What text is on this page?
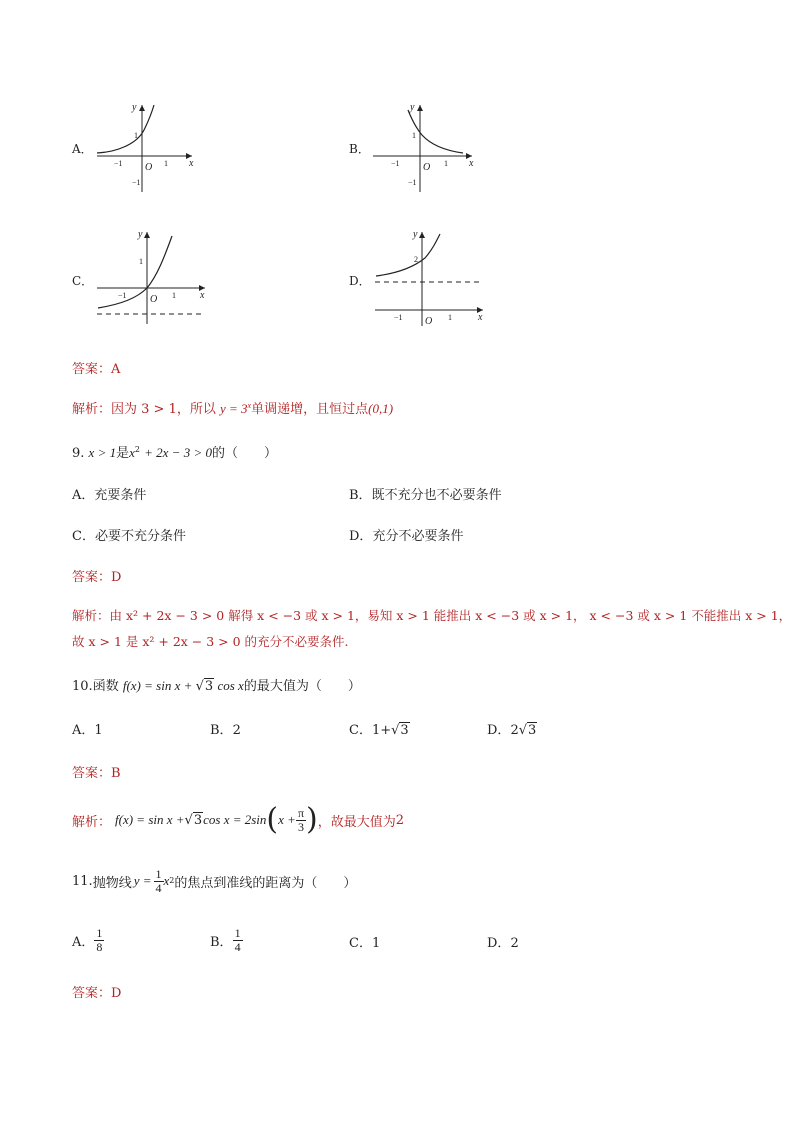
A．
x
y
O
−1	1
1
−1
B．
x
y
O
−1	1
1
−1
C．
x
y
O
−1	1
1
D．
x
y
O
−1	1
2
答案：A
解析：因为 3 > 1，所以 $y = 3^x$单调递增，且恒过点(0,1)
9. x > 1是$x^2 + 2x - 3 > 0$的（　　）
A．充要条件	B．既不充分也不必要条件
C．必要不充分条件	D．充分不必要条件
答案：D
解析：由 x² + 2x − 3 > 0 解得 x < −3 或 x > 1，易知 x > 1 能推出 x < −3 或 x > 1， x < −3 或 x > 1 不能推出 x > 1，
故 x > 1 是 x² + 2x − 3 > 0 的充分不必要条件.
10.函数 f(x) = sin x + √3 cos x的最大值为（　　）
A．1	B．2	C．1+√3	D．2√3
答案：B
解析： f(x) = sin x + √3 cos x = 2sin ( $x + \frac{\pi}{3}$ ) ，故最大值为 2
11. 抛物线 $y = \frac{1}{4}$ x 2 的焦点到准线的距离为（　　）
A． $\frac{1}{8}$	B． $\frac{1}{4}$	C．1	D．2
答案：D
